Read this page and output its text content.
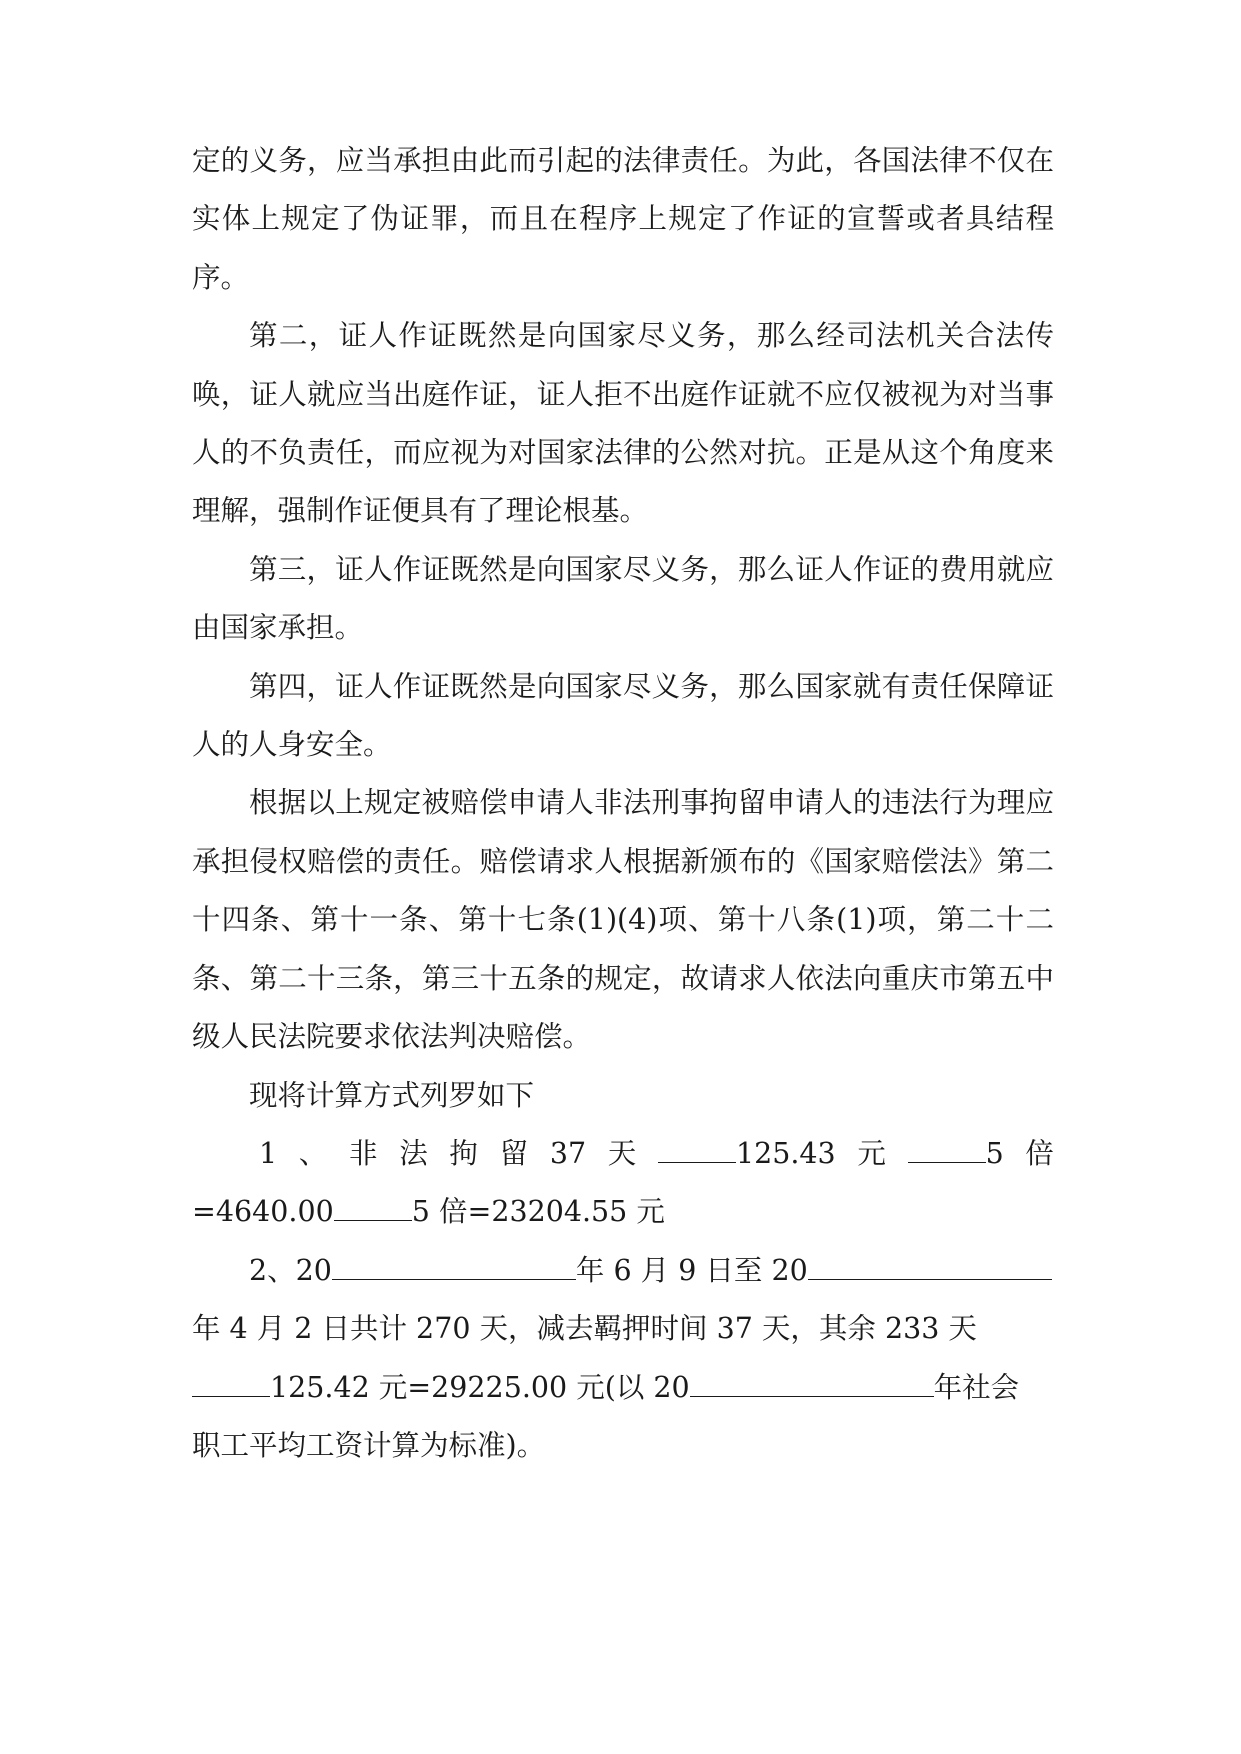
定的义务，应当承担由此而引起的法律责任。为此，各国法律不仅在实体上规定了伪证罪，而且在程序上规定了作证的宣誓或者具结程序。

第二，证人作证既然是向国家尽义务，那么经司法机关合法传唤，证人就应当出庭作证，证人拒不出庭作证就不应仅被视为对当事人的不负责任，而应视为对国家法律的公然对抗。正是从这个角度来理解，强制作证便具有了理论根基。

第三，证人作证既然是向国家尽义务，那么证人作证的费用就应由国家承担。

第四，证人作证既然是向国家尽义务，那么国家就有责任保障证人的人身安全。

根据以上规定被赔偿申请人非法刑事拘留申请人的违法行为理应承担侵权赔偿的责任。赔偿请求人根据新颁布的《国家赔偿法》第二十四条、第十一条、第十七条(1)(4)项、第十八条(1)项，第二十二条、第二十三条，第三十五条的规定，故请求人依法向重庆市第五中级人民法院要求依法判决赔偿。

现将计算方式列罗如下

1 、 非 法 拘 留 37 天	125.43 元	5 倍
=4640.00	5 倍=23204.55 元
2、20	年 6 月 9 日至 20
年 4 月 2 日共计 270 天，减去羁押时间 37 天，其余 233 天
125.42 元=29225.00 元(以 20	年社会
职工平均工资计算为标准)。
